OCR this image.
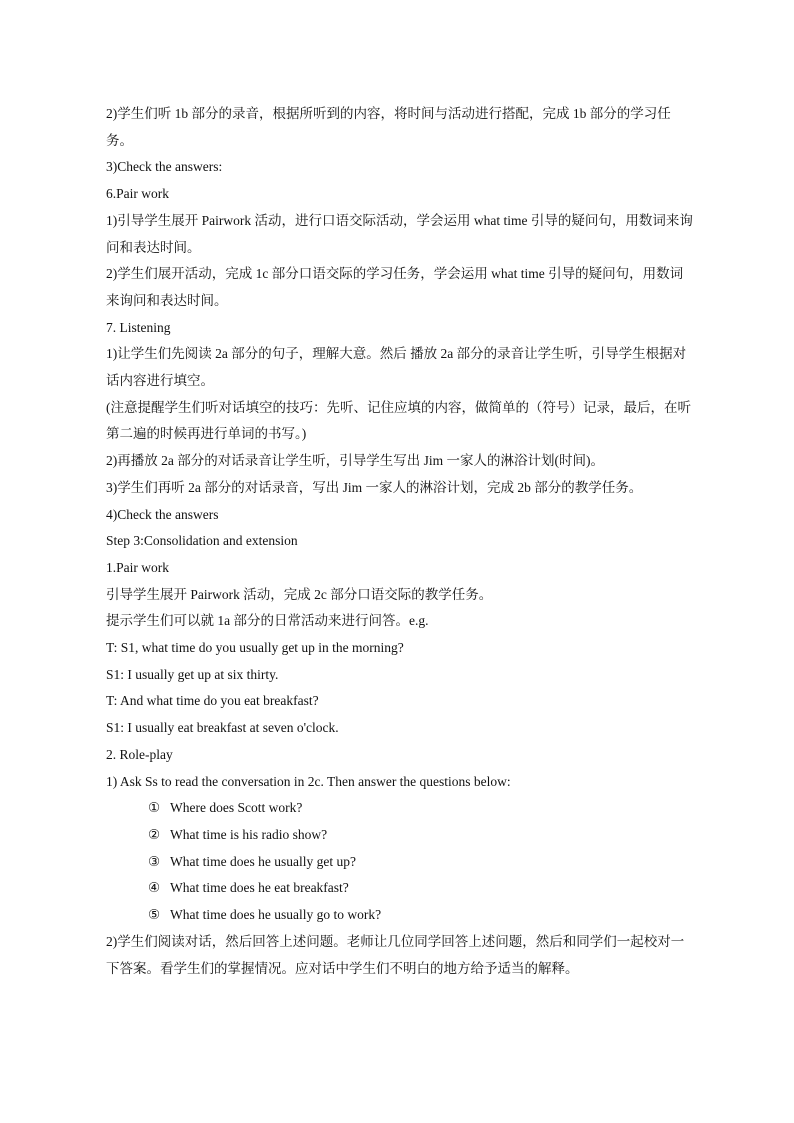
2)学生们听 1b 部分的录音，根据所听到的内容，将时间与活动进行搭配，完成 1b 部分的学习任务。

3)Check the answers:

6.Pair work

1)引导学生展开 Pairwork 活动，进行口语交际活动，学会运用 what time 引导的疑问句，用数词来询问和表达时间。

2)学生们展开活动，完成 1c 部分口语交际的学习任务，学会运用 what time 引导的疑问句，用数词来询问和表达时间。

7. Listening

1)让学生们先阅读 2a 部分的句子，理解大意。然后 播放 2a 部分的录音让学生听，引导学生根据对话内容进行填空。

(注意提醒学生们听对话填空的技巧：先听、记住应填的内容，做简单的（符号）记录，最后，在听第二遍的时候再进行单词的书写。)

2)再播放 2a 部分的对话录音让学生听，引导学生写出 Jim 一家人的淋浴计划(时间)。

3)学生们再听 2a 部分的对话录音，写出 Jim 一家人的淋浴计划，完成 2b 部分的教学任务。

4)Check the answers

Step 3:Consolidation and extension

1.Pair work

引导学生展开 Pairwork 活动，完成 2c 部分口语交际的教学任务。

提示学生们可以就 1a 部分的日常活动来进行问答。e.g.

T: S1, what time do you usually get up in the morning?

S1: I usually get up at six thirty.

T: And what time do you eat breakfast?

S1: I usually eat breakfast at seven o'clock.

2. Role-play

1) Ask Ss to read the conversation in 2c. Then answer the questions below:

① Where does Scott work?

② What time is his radio show?

③ What time does he usually get up?

④ What time does he eat breakfast?

⑤ What time does he usually go to work?

2)学生们阅读对话，然后回答上述问题。老师让几位同学回答上述问题，然后和同学们一起校对一下答案。看学生们的掌握情况。应对话中学生们不明白的地方给予适当的解释。
